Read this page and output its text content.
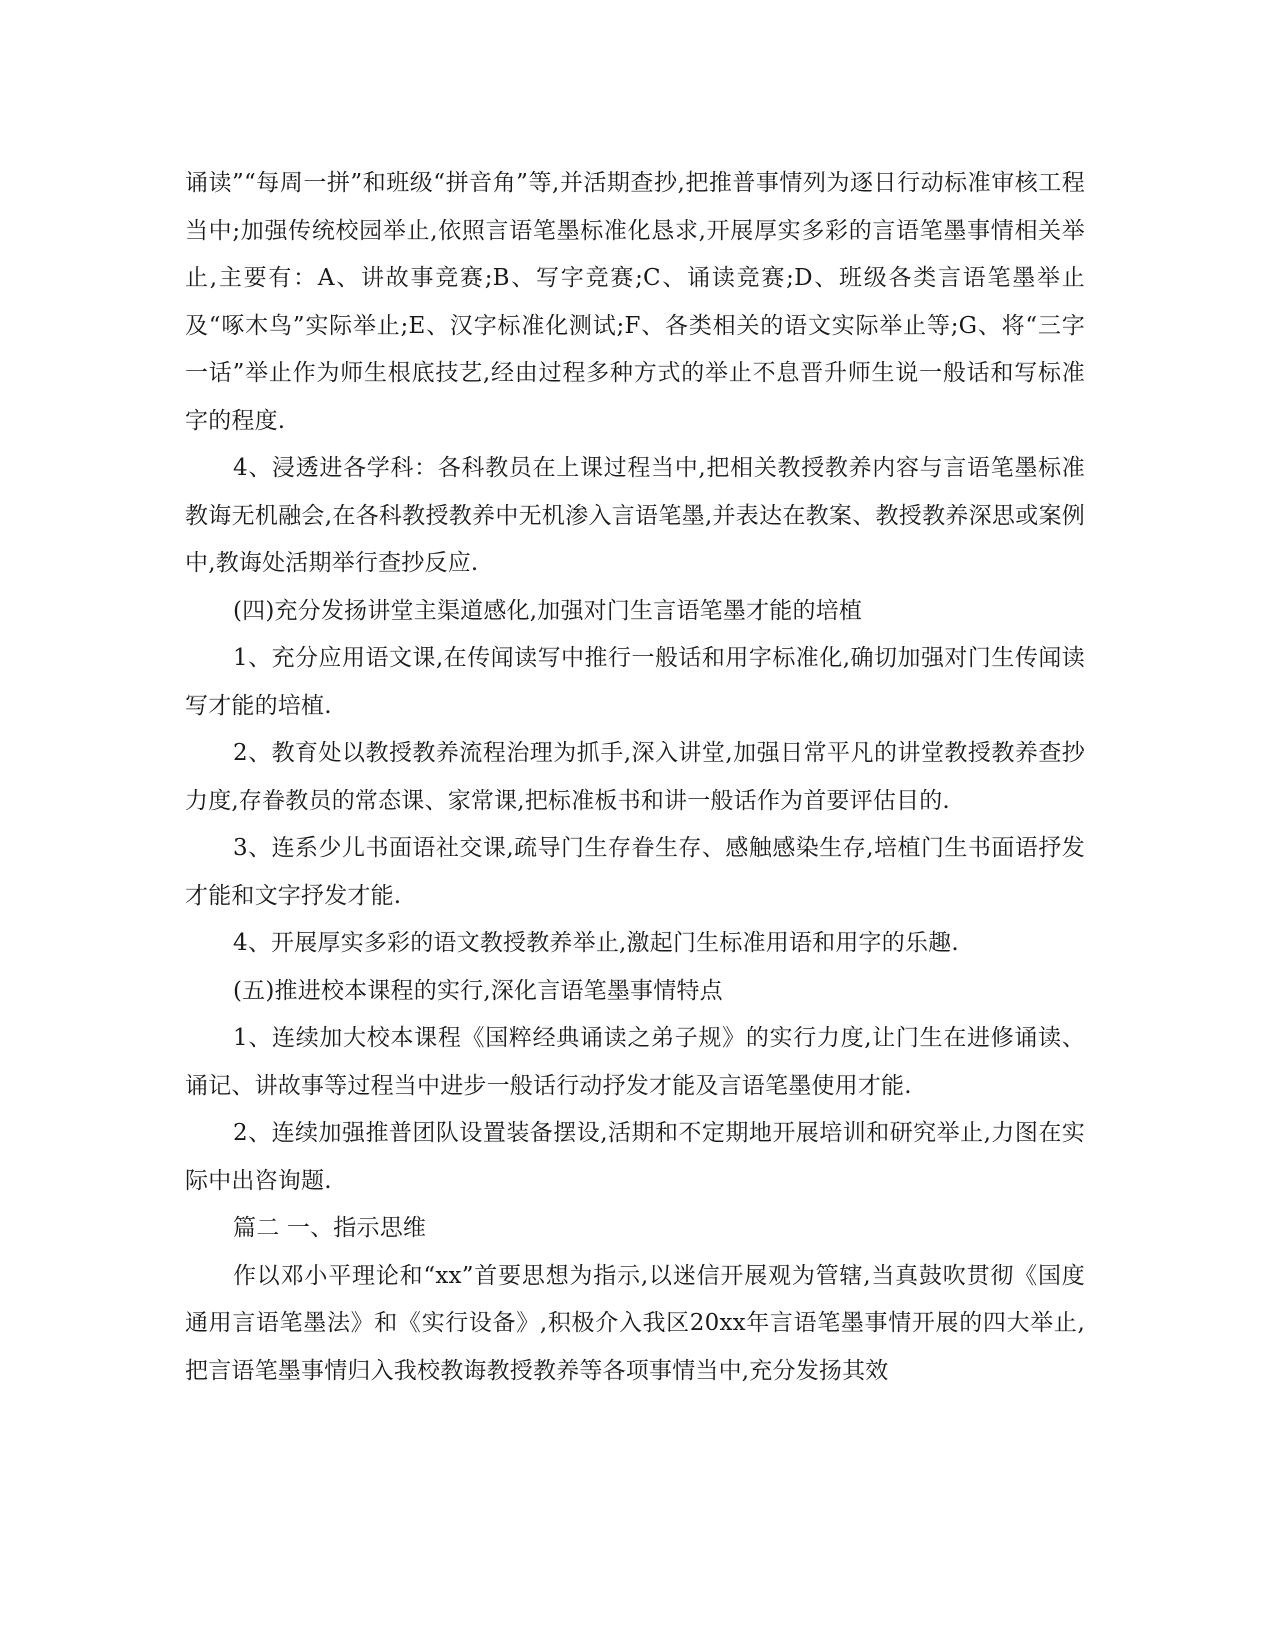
诵读”“每周一拼”和班级“拼音角”等,并活期查抄,把推普事情列为逐日行动标准审核工程当中;加强传统校园举止,依照言语笔墨标准化恳求,开展厚实多彩的言语笔墨事情相关举止,主要有：A、讲故事竞赛;B、写字竞赛;C、诵读竞赛;D、班级各类言语笔墨举止及“啄木鸟”实际举止;E、汉字标准化测试;F、各类相关的语文实际举止等;G、将“三字一话”举止作为师生根底技艺,经由过程多种方式的举止不息晋升师生说一般话和写标准字的程度.

4、浸透进各学科：各科教员在上课过程当中,把相关教授教养内容与言语笔墨标准教诲无机融会,在各科教授教养中无机渗入言语笔墨,并表达在教案、教授教养深思或案例中,教诲处活期举行查抄反应.

(四)充分发扬讲堂主渠道感化,加强对门生言语笔墨才能的培植

1、充分应用语文课,在传闻读写中推行一般话和用字标准化,确切加强对门生传闻读写才能的培植.

2、教育处以教授教养流程治理为抓手,深入讲堂,加强日常平凡的讲堂教授教养查抄力度,存眷教员的常态课、家常课,把标准板书和讲一般话作为首要评估目的.

3、连系少儿书面语社交课,疏导门生存眷生存、感触感染生存,培植门生书面语抒发才能和文字抒发才能.

4、开展厚实多彩的语文教授教养举止,激起门生标准用语和用字的乐趣.

(五)推进校本课程的实行,深化言语笔墨事情特点

1、连续加大校本课程《国粹经典诵读之弟子规》的实行力度,让门生在进修诵读、诵记、讲故事等过程当中进步一般话行动抒发才能及言语笔墨使用才能.

2、连续加强推普团队设置装备摆设,活期和不定期地开展培训和研究举止,力图在实际中出咨询题.

篇二 一、指示思维

作以邓小平理论和“xx”首要思想为指示,以迷信开展观为管辖,当真鼓吹贯彻《国度通用言语笔墨法》和《实行设备》,积极介入我区20xx年言语笔墨事情开展的四大举止,把言语笔墨事情归入我校教诲教授教养等各项事情当中,充分发扬其效
